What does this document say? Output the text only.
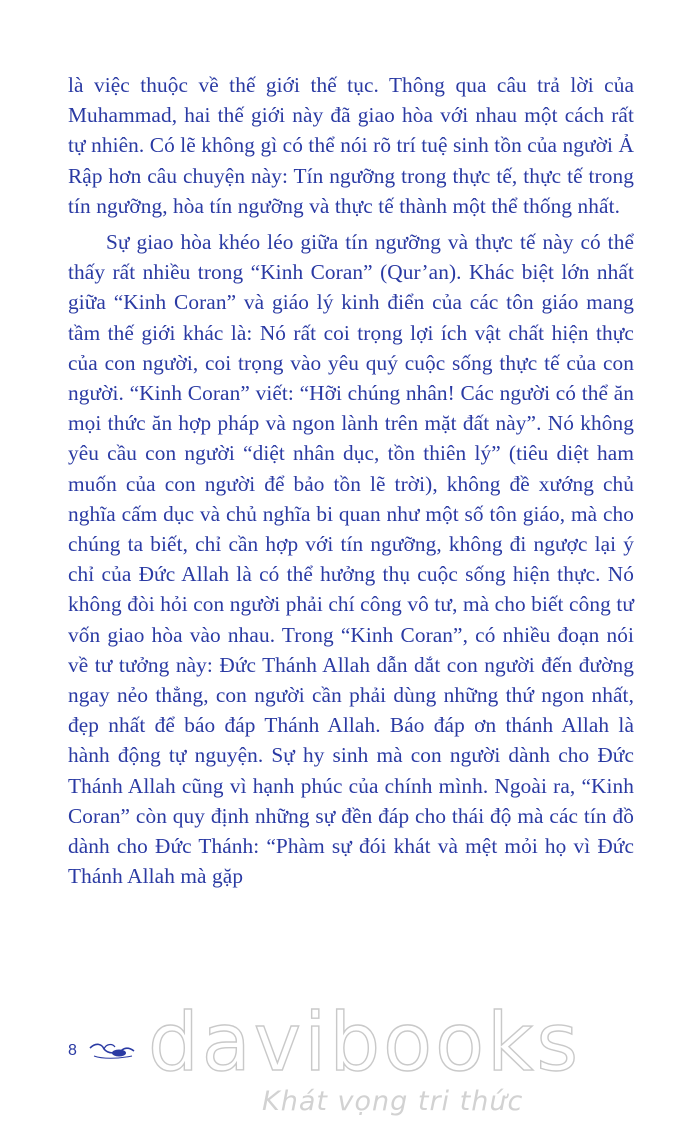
là việc thuộc về thế giới thế tục. Thông qua câu trả lời của Muhammad, hai thế giới này đã giao hòa với nhau một cách rất tự nhiên. Có lẽ không gì có thể nói rõ trí tuệ sinh tồn của người Ả Rập hơn câu chuyện này: Tín ngưỡng trong thực tế, thực tế trong tín ngưỡng, hòa tín ngưỡng và thực tế thành một thể thống nhất.

Sự giao hòa khéo léo giữa tín ngưỡng và thực tế này có thể thấy rất nhiều trong “Kinh Coran” (Qur’an). Khác biệt lớn nhất giữa “Kinh Coran” và giáo lý kinh điển của các tôn giáo mang tầm thế giới khác là: Nó rất coi trọng lợi ích vật chất hiện thực của con người, coi trọng vào yêu quý cuộc sống thực tế của con người. “Kinh Coran” viết: “Hỡi chúng nhân! Các người có thể ăn mọi thức ăn hợp pháp và ngon lành trên mặt đất này”. Nó không yêu cầu con người “diệt nhân dục, tồn thiên lý” (tiêu diệt ham muốn của con người để bảo tồn lẽ trời), không đề xướng chủ nghĩa cấm dục và chủ nghĩa bi quan như một số tôn giáo, mà cho chúng ta biết, chỉ cần hợp với tín ngưỡng, không đi ngược lại ý chỉ của Đức Allah là có thể hưởng thụ cuộc sống hiện thực. Nó không đòi hỏi con người phải chí công vô tư, mà cho biết công tư vốn giao hòa vào nhau. Trong “Kinh Coran”, có nhiều đoạn nói về tư tưởng này: Đức Thánh Allah dẫn dắt con người đến đường ngay nẻo thẳng, con người cần phải dùng những thứ ngon nhất, đẹp nhất để báo đáp Thánh Allah. Báo đáp ơn thánh Allah là hành động tự nguyện. Sự hy sinh mà con người dành cho Đức Thánh Allah cũng vì hạnh phúc của chính mình. Ngoài ra, “Kinh Coran” còn quy định những sự đền đáp cho thái độ mà các tín đồ dành cho Đức Thánh: “Phàm sự đói khát và mệt mỏi họ vì Đức Thánh Allah mà gặp

8 davibooks
Khát vọng tri thức
